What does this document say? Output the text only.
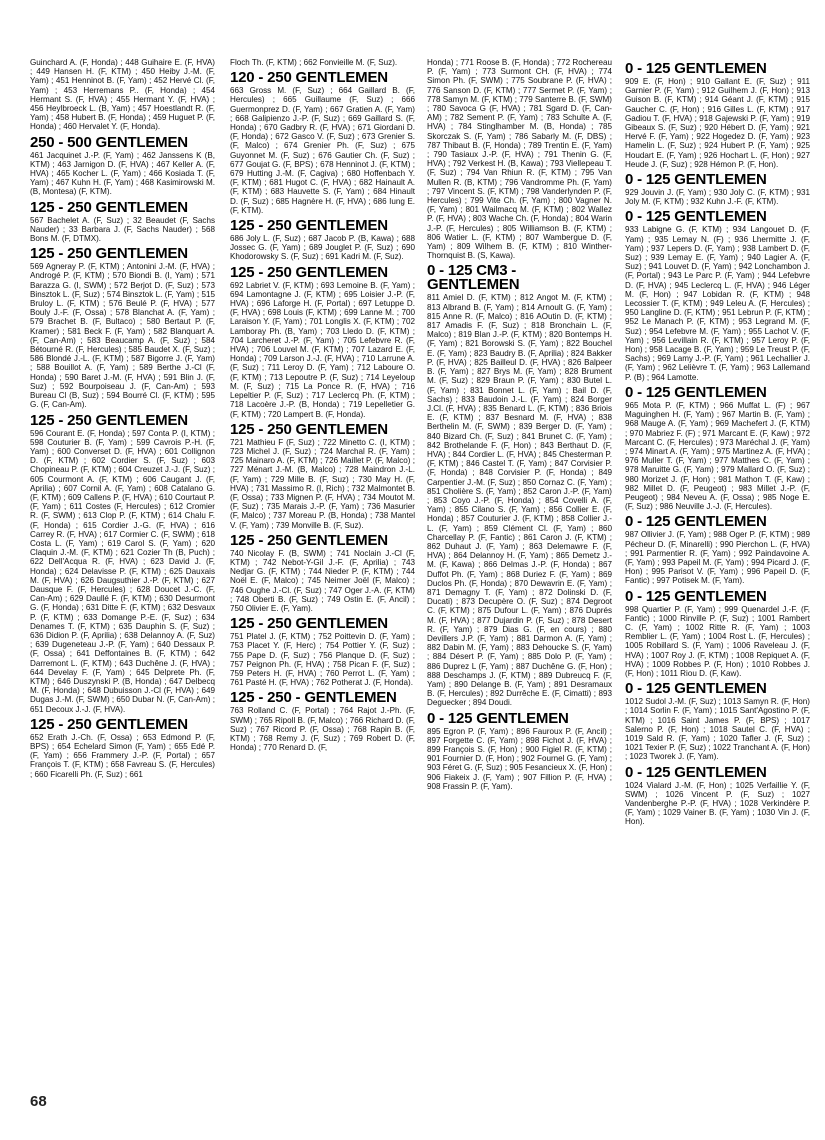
Guinchard A. (F, Honda) ; 448 Guihaire E. (F, HVA) ; 449 Hansen H. (F, KTM) ; 450 Heiby J.-M. (F, Yam) ; 451 Henninot B. (F, Yam) ; 452 Hervé Cl. (F, Yam) ; 453 Herremans P.. (F, Honda) ; 454 Hermant S. (F, HVA) ; 455 Hermant Y. (F, HVA) ; 456 Heylbroeck L. (B, Yam) ; 457 Hoestlandt R. (F, Yam) ; 458 Hubert B. (F, Honda) ; 459 Huguet P. (F, Honda) ; 460 Hervalet Y. (F, Honda).

250 - 500 GENTLEMEN

461 Jacquinet J.-P. (F, Yam) ; 462 Janssens K (B, KTM) ; 463 Jarnigon D. (F, HVA) ; 467 Keller A. (F, HVA) ; 465 Kocher L. (F, Yam) ; 466 Kosiada T. (F, Yam) ; 467 Kuhn H. (F, Yam) ; 468 Kasimirowski M. (B, Montesa) (F, KTM).

125 - 250 GENTLEMEN

567 Bachelet A. (F, Suz) ; 32 Beaudet (F, Sachs Nauder) ; 33 Barbara J. (F, Sachs Nauder) ; 568 Bons M. (F, DTMX).

125 - 250 GENTLEMEN

569 Agneray P. (F, KTM) ; Antonini J.-M. (F, HVA) ; Androgé P. (F, KTM) ; 570 Biondi B. (I, Yam) ; 571 Barazza G. (I, SWM) ; 572 Berjot D. (F, Suz) ; 573 Binsztok L. (F, Suz) ; 574 Binsztok L. (F, Yam) ; 515 Bruloy L. (F, KTM) ; 576 Beulé P. (F, HVA) ; 577 Bouly J.-F. (F, Ossa) ; 578 Blanchat A. (F, Yam) ; 579 Brachet B. (F, Bultaco) ; 580 Bertaut P. (F, Kramer) ; 581 Beck F. (F, Yam) ; 582 Blanquart A. (F, Can-Am) ; 583 Beaucamp A. (F, Suz) ; 584 Bétourné R. (F, Hercules) ; 585 Baudet X. (F, Suz) ; 586 Blondé J.-L. (F, KTM) ; 587 Bigorre J. (F, Yam) ; 588 Bouillot A. (F, Yam) ; 589 Berthe J.-Cl (F, Honda) ; 590 Baret J.-M. (F, HVA) ; 591 Blin J. (F, Suz) ; 592 Bourpoiseau J. (F, Can-Am) ; 593 Bureau Cl (B, Suz) ; 594 Bourré Cl. (F, KTM) ; 595 G. (F, Can-Am).

125 - 250 GENTLEMEN

596 Courant E. (F, Honda) ; 597 Conta P. (I, KTM) ; 598 Couturier B. (F, Yam) ; 599 Cavrois P.-H. (F, Yam) ; 600 Converset D. (F, HVA) ; 601 Collignon D. (F, KTM) ; 602 Cordier S. (F, Suz) ; 603 Chopineau P. (F, KTM) ; 604 Creuzet J.-J. (F, Suz) ; 605 Courmont A. (F, KTM) ; 606 Caugant J. (F, Aprilia) ; 607 Cornil A. (F, Yam) ; 608 Catalano G. (F, KTM) ; 609 Callens P. (F, HVA) ; 610 Courtaut P. (F, Yam) ; 611 Costes (F, Hercules) ; 612 Cromier R. (F, SWM) ; 613 Clop P. (F, KTM) ; 614 Chalu F. (F, Honda) ; 615 Cordier J.-G. (F, HVA) ; 616 Carrey R. (F, HVA) ; 617 Cormier C. (F, SWM) ; 618 Costa L. (F, Yam) ; 619 Carol S. (F, Yam) ; 620 Claquin J.-M. (F, KTM) ; 621 Cozier Th (B, Puch) ; 622 Dell'Acqua R. (F, HVA) ; 623 David J. (F, Honda) ; 624 Delavisse P. (F, KTM) ; 625 Dauxais M. (F, HVA) ; 626 Daugsuthier J.-P. (F, KTM) ; 627 Dausque F. (F, Hercules) ; 628 Doucet J.-C. (F, Can-Am) ; 629 Daullé F. (F, KTM) ; 630 Desurmont G. (F, Honda) ; 631 Ditte F. (F, KTM) ; 632 Desvaux P. (F, KTM) ; 633 Domange P.-E. (F, Suz) ; 634 Denames T. (F, KTM) ; 635 Dauphin S. (F, Suz) ; 636 Didion P. (F, Aprilia) ; 638 Delannoy A. (F, Suz) ; 639 Dugeneteau J.-P. (F, Yam) ; 640 Dessaux P. (F, Ossa) ; 641 Deffontaines B. (F, KTM) ; 642 Darremont L. (F, KTM) ; 643 Duchêne J. (F, HVA) ; 644 Develay F. (F, Yam) ; 645 Delprete Ph. (F, KTM) ; 646 Duszynski P. (B, Honda) ; 647 Delbecq M. (F, Honda) ; 648 Dubuisson J.-Cl (F, HVA) ; 649 Dugas J.-M. (F, SWM) ; 650 Dubar N. (F, Can-Am) ; 651 Decoux J.-J. (F, HVA).

125 - 250 GENTLEMEN

652 Erath J.-Ch. (F, Ossa) ; 653 Edmond P. (F, BPS) ; 654 Echelard Simon (F, Yam) ; 655 Edé P. (F, Yam) ; 656 Frammery J.-P. (F, Portal) ; 657 François T. (F, KTM) ; 658 Favreau S. (F, Hercules) ; 660 Ficarelli Ph. (F, Suz) ; 661

Floch Th. (F, KTM) ; 662 Fonvieille M. (F, Suz).

120 - 250 GENTLEMEN

663 Gross M. (F, Suz) ; 664 Gaillard B. (F, Hercules) ; 665 Guillaume (F, Suz) ; 666 Guermonprez D. (F, Yam) ; 667 Gratien A. (F, Yam) ; 668 Galipienzo J.-P. (F, Suz) ; 669 Gaillard S. (F, Honda) ; 670 Gadbry R. (F, HVA) ; 671 Giordani D. (F, Honda) ; 672 Gasco V. (F, Suz) ; 673 Grenier S. (F, Malco) ; 674 Grenier Ph. (F, Suz) ; 675 Guyonnet M. (F, Suz) ; 676 Gautier Ch. (F, Suz) ; 677 Goujat G. (F, BPS) ; 678 Henninot J. (F, KTM) ; 679 Hutting J.-M. (F, Cagiva) ; 680 Hoffenbach Y. (F, KTM) ; 681 Hugot C. (F, HVA) ; 682 Hainault A. (F, KTM) ; 683 Hauvette S. (F, Yam) ; 684 Hinault D. (F, Suz) ; 685 Hagnère H. (F, HVA) ; 686 Iung E. (F, KTM).

125 - 250 GENTLEMEN

686 Joly L. (F, Suz) ; 687 Jacob P. (B, Kawa) ; 688 Jossec G. (F, Yam) ; 689 Jouglet P. (F, Suz) ; 690 Khodorowsky S. (F, Suz) ; 691 Kadri M. (F, Suz).

125 - 250 GENTLEMEN

692 Labriet V. (F, KTM) ; 693 Lemoine B. (F, Yam) ; 694 Lamontagne J. (F, KTM) ; 695 Loisier J.-P. (F, HVA) ; 696 Laforge H. (F, Portal) ; 697 Letuppe D. (F, HVA) ; 698 Louis (F, KTM) ; 699 Lanne M. ; 700 Laraison Y. (F, Yam) ; 701 Longlis X. (F, KTM) ; 702 Lamboray Ph. (B, Yam) ; 703 Lledo D. (F, KTM) ; 704 Larcheret J.-P. (F, Yam) ; 705 Lefebvre R. (F, HVA) ; 706 Louvel M. (F, KTM) ; 707 Lazard E. (F, Honda) ; 709 Larson J.-J. (F, HVA) ; 710 Larrune A. (F, Suz) ; 711 Leroy D. (F, Yam) ; 712 Laboure O. (F, KTM) ; 713 Lepoutre P. (F, Suz) ; 714 Leyeloup M. (F, Suz) ; 715 La Ponce R. (F, HVA) ; 716 Lepeltier P. (F, Suz) ; 717 Leclercq Ph. (F, KTM) ; 718 Lacoère J.-P. (B, Honda) ; 719 Lepelletier G. (F, KTM) ; 720 Lampert B. (F, Honda).

125 - 250 GENTLEMEN

721 Mathieu F (F, Suz) ; 722 Minetto C. (I, KTM) ; 723 Michel J. (F, Suz) ; 724 Marchal R. (F, Yam) ; 725 Mainaro A. (F, KTM) ; 726 Maillet P. (F, Malco) ; 727 Ménart J.-M. (B, Malco) ; 728 Maindron J.-L. (F, Yam) ; 729 Mille B. (F, Suz) ; 730 May H. (F, HVA) ; 731 Massimo R. (I, Rich) ; 732 Malmontet B. (F, Ossa) ; 733 Mignen P. (F, HVA) ; 734 Moutot M. (F, Suz) ; 735 Marais J.-P. (F, Yam) ; 736 Masurier (F, Malco) ; 737 Moreau P. (B, Honda) ; 738 Mantel V. (F, Yam) ; 739 Monville B. (F, Suz).

125 - 250 GENTLEMEN

740 Nicolay F. (B, SWM) ; 741 Noclain J.-Cl (F, KTM) ; 742 Nebot-Y-Gil J.-F. (F, Aprilia) ; 743 Nedjar G. (F, KTM) ; 744 Nieder P. (F, KTM) ; 744 Noël E. (F, Malco) ; 745 Neimer Joël (F, Malco) ; 746 Oughe J.-Cl. (F, Suz) ; 747 Oger J.-A. (F, KTM) ; 748 Oberti B. (F, Suz) ; 749 Ostin E. (F, Ancil) ; 750 Olivier E. (F, Yam).

125 - 250 GENTLEMEN

751 Platel J. (F, KTM) ; 752 Poittevin D. (F, Yam) ; 753 Placet Y. (F, Herc) ; 754 Pottier Y. (F, Suz) ; 755 Pape D. (F, Suz) ; 756 Planque D. (F, Suz) ; 757 Peignon Ph. (F, HVA) ; 758 Pican F. (F, Suz) ; 759 Peters H. (F, HVA) ; 760 Perrot L. (F, Yam) ; 761 Pasté H. (F, HVA) ; 762 Potherat J. (F, Honda).

125 - 250 - GENTLEMEN

763 Rolland C. (F, Portal) ; 764 Rajot J.-Ph. (F, SWM) ; 765 Ripoll B. (F, Malco) ; 766 Richard D. (F, Suz) ; 767 Ricord P. (F, Ossa) ; 768 Rapin B. (F, KTM) ; 768 Remy J. (F, Suz) ; 769 Robert D. (F, Honda) ; 770 Renard D. (F,

Honda) ; 771 Roose B. (F, Honda) ; 772 Rochereau P. (F, Yam) ; 773 Surmont CH. (F, HVA) ; 774 Simon Ph. (F, SWM) ; 775 Soubrane P. (F, HVA) ; 776 Sanson D. (F, KTM) ; 777 Sermet P. (F, Yam) ; 778 Samyn M. (F, KTM) ; 779 Santerre B. (F, SWM) ; 780 Savoca G (F, HVA) ; 781 Sgard D. (F, Can-AM) ; 782 Sement P. (F, Yam) ; 783 Schulte A. (F, HVA) ; 784 Stinglhamber M. (B, Honda) ; 785 Skorczak S. (F, Yam) ; 786 Sabarly M. (F, DBS) ; 787 Thibaut B. (F, Honda) ; 789 Trentin E. (F, Yam) ; 790 Tasiaux J.-P. (F, HVA) ; 791 Thenin G. (F, HVA) ; 792 Verkest H. (B, Kawa) ; 793 Viellepeau T. (F, Suz) ; 794 Van Rhiun R. (F, KTM) ; 795 Van Mullen R. (B, KTM) ; 796 Vandromme Ph. (F, Yam) ; 797 Vincent S. (F, KTM) ; 798 Vanderlynden P. (F, Hercules) ; 799 Vite Ch. (F, Yam) ; 800 Vagner N. (F, Yam) ; 801 Wailmacq M. (F, KTM) ; 802 Wallez P. (F, HVA) ; 803 Wache Ch. (F, Honda) ; 804 Warin J.-P. (F, Hercules) ; 805 Williamson B. (F, KTM) ; 806 Watier L. (F, KTM) ; 807 Wambergue D. (F, Yam) ; 809 Wilhem B. (F, KTM) ; 810 Winther-Thornquist B. (S, Kawa).

0 - 125 CM3 - GENTLEMEN

811 Amiel D. (F, KTM) ; 812 Angot M. (F, KTM) ; 813 Albrand B. (F, Yam) ; 814 Arnoult G. (F, Yam) ; 815 Anne R. (F, Malco) ; 816 AOutin D. (F, KTM) ; 817 Amadis F. (F, Suz) ; 818 Bronchain L. (F, Malco) ; 819 Blan J.-P. (F, KTM) ; 820 Bontemps H. (F, Yam) ; 821 Borowski S. (F, Yam) ; 822 Bouchel E. (F, Yam) ; 823 Baudry B. (F, Aprilia) ; 824 Bakker P. (F, HVA) ; 825 Bailleul D. (F, HVA) ; 826 Balpeer B. (F, Yam) ; 827 Brys M. (F, Yam) ; 828 Brument M. (F, Suz) ; 829 Braun P. (F, Yam) ; 830 Butel L. (F, Yam) ; 831 Bonnet L. (F, Yam) ; Bail D. (F, Sachs) ; 833 Baudoin J.-L. (F, Yam) ; 824 Borger J.Cl. (F, HVA) ; 835 Benard L. (F, KTM) ; 836 Briois E. (F, KTM) ; 837 Besnard M. (F, HVA) ; 838 Berthelin M. (F, SWM) ; 839 Berger D. (F, Yam) ; 840 Bizard Ch. (F, Suz) ; 841 Brunet C. (F, Yam) ; 842 Brothelande F. (F, Hon) ; 843 Berthaut D. (F, HVA) ; 844 Cordier L. (F, HVA) ; 845 Chesterman P. (F, KTM) ; 846 Castel T. (F, Yam) ; 847 Corvisier P. (F, Honda) ; 848 Corvisier P. (F, Honda) ; 849 Carpentier J.-M. (F, Suz) ; 850 Cornaz C. (F, Yam) ; 851 Cholière S. (F, Yam) ; 852 Caron J.-P. (F, Yam) ; 853 Coyo J.-P. (F, Honda) ; 854 Covelli A. (F, Yam) ; 855 Cilano S. (F, Yam) ; 856 Collier E. (F, Honda) ; 857 Couturier J. (F, KTM) ; 858 Collier J.-L. (F, Yam) ; 859 Clément Cl. (F, Yam) ; 860 Charcellay P. (F, Fantic) ; 861 Caron J. (F, KTM) ; 862 Duhaut J. (F, Yam) ; 863 Delemawre F. (F, HVA) ; 864 Delannoy H. (F, Yam) ; 865 Demetz J.-M. (F, Kawa) ; 866 Delmas J.-P. (F, Honda) ; 867 Duffot Ph. (F, Yam) ; 868 Duriez F. (F, Yam) ; 869 Duclos Ph. (F, Honda) ; 870 Dewavrin E. (F, Yam) ; 871 Demagny T. (F, Yam) ; 872 Dolinski D. (F, Ducati) ; 873 Decupère O. (F, Suz) ; 874 Degroot C. (F, KTM) ; 875 Dufour L. (F, Yam) ; 876 Duprés M. (F, HVA) ; 877 Dujardin P. (F, Suz) ; 878 Desert R. (F, Yam) ; 879 Dias G. (F, en cours) ; 880 Devillers J.P. (F, Yam) ; 881 Darmon A. (F, Yam) ; 882 Dabin M. (F, Yam) ; 883 Dehoucke S. (F, Yam) ; 884 Désert P. (F, Yam) ; 885 Dolo P. (F, Yam) ; 886 Duprez L (F, Yam) ; 887 Duchêne G. (F, Hon) ; 888 Deschamps J. (F, KTM) ; 889 Dubreucq F. (F, Yam) ; 890 Delange B. (F, Yam) ; 891 Desramaux B. (F, Hercules) ; 892 Durrêche E. (F, Cimatti) ; 893 Deguecker ; 894 Doudi.

0 - 125 GENTLEMEN

895 Egron P. (F, Yam) ; 896 Fauroux P. (F, Ancil) ; 897 Forgette C. (F, Yam) ; 898 Fichot J. (F, HVA) ; 899 François S. (F, Hon) ; 900 Figiel R. (F, KTM) ; 901 Fournier D. (F, Hon) ; 902 Fournel G. (F, Yam) ; 903 Féret G. (F, Suz) ; 905 Fesancieux X. (F, Hon) ; 906 Fiakeix J. (F, Yam) ; 907 Fillion P. (F, HVA) ; 908 Frassin P. (F, Yam).

0 - 125 GENTLEMEN

909 E. (F, Hon) ; 910 Gallant E. (F, Suz) ; 911 Garnier P. (F, Yam) ; 912 Guilhem J. (F, Hon) ; 913 Guison B. (F, KTM) ; 914 Géant J. (F, KTM) ; 915 Gaucher C. (F, Hon) ; 916 Gilles L. (F, KTM) ; 917 Gadiou T. (F, HVA) ; 918 Gajewski P. (F, Yam) ; 919 Gibeaux S. (F, Suz) ; 920 Hébert D. (F, Yam) ; 921 Hervé F. (F, Yam) ; 922 Hogedez D. (F, Yam) ; 923 Hamelin L. (F, Suz) ; 924 Hubert P. (F, Yam) ; 925 Houdart E. (F, Yam) ; 926 Hochart L. (F, Hon) ; 927 Heude J. (F, Suz) ; 928 Hémon P. (F, Hon).

0 - 125 GENTLEMEN

929 Jouvin J. (F, Yam) ; 930 Joly C. (F, KTM) ; 931 Joly M. (F, KTM) ; 932 Kuhn J.-F. (F, KTM).

0 - 125 GENTLEMEN

933 Labigne G. (F, KTM) ; 934 Langouet D. (F, Yam) ; 935 Lemay N. (F) ; 936 Lhermitte J. (F, Yam) ; 937 Lepers D. (F, Yam) ; 938 Lambert D. (F, Suz) ; 939 Lemay E. (F, Yam) ; 940 Lagier A. (F, Suz) ; 941 Louvet D. (F, Yam) ; 942 Lonchambon J. (F, Portal) ; 943 Le Parc P. (F, Yam) ; 944 Lefebvre D. (F, HVA) ; 945 Leclercq L. (F, HVA) ; 946 Léger M. (F, Hon) ; 947 Lobidan R. (F, KTM) ; 948 Lecossier T. (F, KTM) ; 949 Leleu A. (F, Hercules) ; 950 Langline D. (F, KTM) ; 951 Lebrun P. (F, KTM) ; 952 Le Manach P. (F, KTM) ; 953 Legrand M. (F, Suz) ; 954 Lefebvre M. (F, Yam) ; 955 Lachot V. (F, Yam) ; 956 Levillain R. (F, KTM) ; 957 Leroy P. (F, Hon) ; 958 Lacage B. (F, Yam) ; 959 Le Treust P. (F, Sachs) ; 969 Lamy J.-P. (F, Yam) ; 961 Lechallier J. (F, Yam) ; 962 Lelièvre T. (F, Yam) ; 963 Lallemand P. (B) ; 964 Lamotte.

0 - 125 GENTLEMEN

965 Mota P. (F, KTM) ; 966 Muffat L. (F) ; 967 Maguinghen H. (F, Yam) ; 967 Martin B. (F, Yam) ; 968 Mauge A. (F, Yam) ; 969 Machefert J. (F, KTM) ; 970 Mabriez F. (F) ; 971 Marcant E. (F, Kaw) ; 972 Marcant C. (F, Hercules) ; 973 Maréchal J. (F, Yam) ; 974 Minart A. (F, Yam) ; 975 Martinez A. (F, HVA) ; 976 Muller T. (F, Yam) ; 977 Matthes C. (F, Yam) ; 978 Maruitte G. (F, Yam) ; 979 Mallard O. (F, Suz) ; 980 Morizet J. (F, Hon) ; 981 Mathon T. (F, Kaw) ; 982 Millet D. (F, Peugeot) ; 983 Millet J.-P. (F, Peugeot) ; 984 Neveu A. (F, Ossa) ; 985 Noge E. (F, Suz) ; 986 Neuville J.-J. (F, Hercules).

0 - 125 GENTLEMEN

987 Ollivier J. (F, Yam) ; 988 Oger P. (F, KTM) ; 989 Pécheur D. (F, Minarelli) ; 990 Pierchon L. (F, HVA) ; 991 Parmentier R. (F, Yam) ; 992 Paindavoine A. (F, Yam) ; 993 Papeil M. (F, Yam) ; 994 Picard J. (F, Hon) ; 995 Parisot V. (F, Yam) ; 996 Papeil D. (F, Fantic) ; 997 Potisek M. (F, Yam).

0 - 125 GENTLEMEN

998 Quartier P. (F, Yam) ; 999 Quenardel J.-F. (F, Fantic) ; 1000 Rinville P. (F, Suz) ; 1001 Rambert C. (F, Yam) ; 1002 Ritte R. (F, Yam) ; 1003 Remblier L. (F, Yam) ; 1004 Rost L. (F, Hercules) ; 1005 Robillard S. (F, Yam) ; 1006 Raveleau J. (F, HVA) ; 1007 Roy J. (F, KTM) ; 1008 Repiquet A. (F, HVA) ; 1009 Robbes P. (F, Hon) ; 1010 Robbes J. (F, Hon) ; 1011 Riou D. (F, Kaw).

0 - 125 GENTLEMEN

1012 Sudol J.-M. (F, Suz) ; 1013 Samyn R. (F, Hon) ; 1014 Sorlin F. (F, Yam) ; 1015 Sant'Agostino P. (F, KTM) ; 1016 Saint James P. (F, BPS) ; 1017 Salerno P. (F, Hon) ; 1018 Sautel C. (F, HVA) ; 1019 Sald R. (F, Yam) ; 1020 Tafler J. (F, Suz) ; 1021 Texier P. (F, Suz) ; 1022 Tranchant A. (F, Hon) ; 1023 Tworek J. (F, Yam).

0 - 125 GENTLEMEN

1024 Vialard J.-M. (F, Hon) ; 1025 Verfaillie Y. (F, SWM) ; 1026 Vincent P. (F, Suz) ; 1027 Vandenberghe P.-P. (F, HVA) ; 1028 Verkindère P. (F, Yam) ; 1029 Vainer B. (F, Yam) ; 1030 Vin J. (F, Hon).

68
